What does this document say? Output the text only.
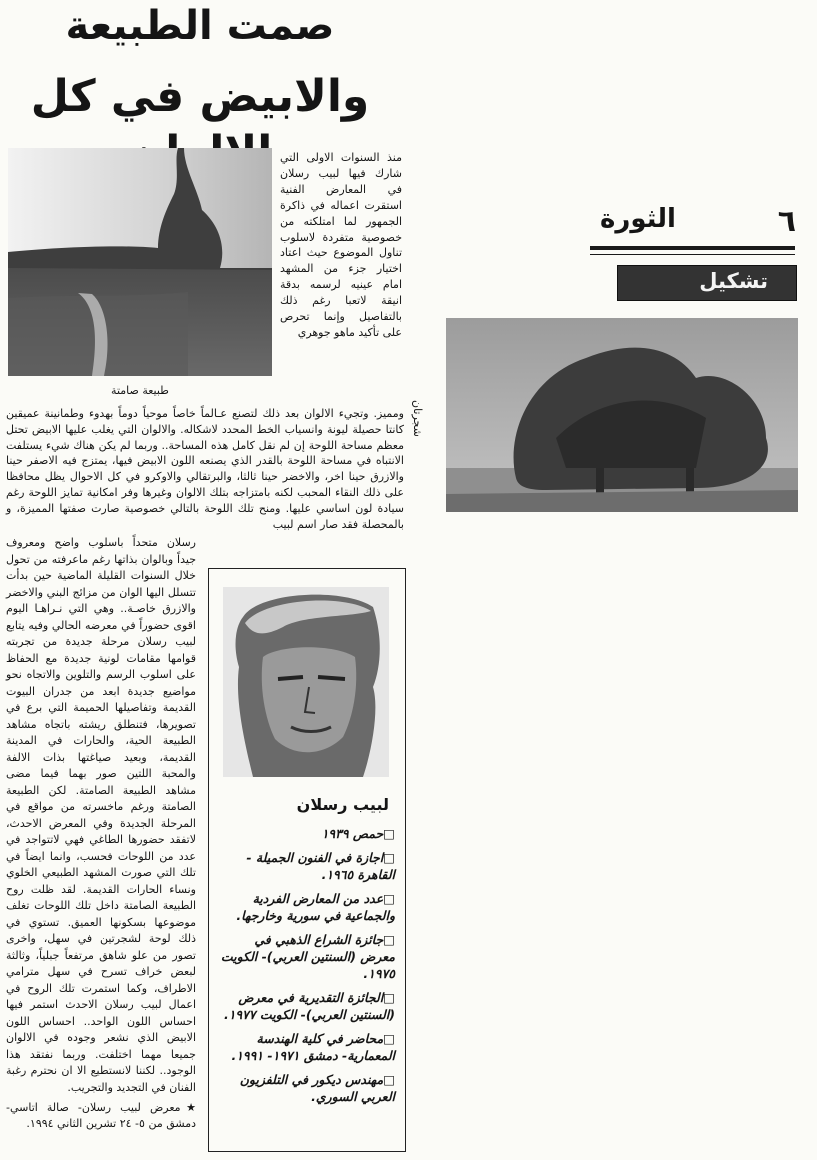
صمت الطبيعة
والابيض في كل
طبيعة صامتة
منذ السنوات الاولى التي شارك فيها لبيب رسلان في المعارض الفنية استقرت اعماله في ذاكرة الجمهور لما امتلكته من خصوصية متفردة لاسلوب تناول الموضوع حيث اعتاد اختيار جزء من المشهد امام عينيه لرسمه بدقة انيقة لاتعبا رغم ذلك بالتفاصيل وإنما تحرص على تأكيد ماهو جوهري
ومميز. وتجيء الالوان بعد ذلك لتصنع عـالماً خاصاً موحياً دوماً بهدوء وطمانينة عميقين كانتا حصيلة ليونة وانسياب الخط المحدد لاشكاله. والالوان التي يغلب عليها الابيض تحتل معظم مساحة اللوحة إن لم نقل كامل هذه المساحة.. وربما لم يكن هناك شيء يستلفت الانتباه في مساحة اللوحة بالقدر الذي يصنعه اللون الابيض فيها، يمتزج فيه الاصفر حينا والازرق حينا اخر، والاخضر حينا ثالثا، والبرتقالي والاوكرو في كل الاحوال يظل محافظا على ذلك النقاء المحبب لكنه بامتزاجه بتلك الالوان وغيرها وفر امكانية تمايز اللوحة رغم سيادة لون اساسي عليها. ومنح تلك اللوحة بالتالي خصوصية صارت صفتها المميزة، و بالمحصلة فقد صار اسم لبيب
رسلان متحداً باسلوب واضح ومعروف جيداً وبالوان بذاتها رغم ماعرفته من تحول خلال السنوات القليلة الماضية حين بدأت تتسلل اليها الوان من مزائج البني والاخضر والازرق خاصـة.. وهي التي نـراهـا اليوم اقوى حضوراً في معرضه الحالي وفيه يتابع لبيب رسلان مرحلة جديدة من تجربته قوامها مقامات لونية جديدة مع الحفاظ على اسلوب الرسم والتلوين والاتجاه نحو مواضيع جديدة ابعد من جدران البيوت القديمة وتفاصيلها الحميمة التي برع في تصويرها، فتنطلق ريشته باتجاه مشاهد الطبيعة الحية، والحارات في المدينة القديمة، وبعيد صياغتها بذات الالفة والمحبة اللتين صور بهما فيما مضى مشاهد الطبيعة الصامتة. لكن الطبيعة الصامتة ورغم ماخسرته من مواقع في المرحلة الجديدة وفي المعرض الاحدث، لاتفقد حضورها الطاغي فهي لاتتواجد في عدد من اللوحات فحسب، وانما ايضاً في تلك التي صورت المشهد الطبيعي الخلوي ونساء الحارات القديمة. لقد ظلت روح الطبيعة الصامتة داخل تلك اللوحات تغلف موضوعها بسكونها العميق. تستوي في ذلك لوحة لشجرتين في سهل، واخرى تصور من علو شاهق مرتفعاً جبلياً، وثالثة لبعض خراف تسرح في سهل مترامي الاطراف، وكما استمرت تلك الروح في اعمال لبيب رسلان الاحدث استمر فيها احساس اللون الواحد.. احساس اللون الابيض الذي نشعر وجوده في الالوان جميعا مهما اختلفت. وربما نفتقد هذا الوجود.. لكننا لانستطيع الا ان نحترم رغبة الفنان في التجديد والتجريب.
★معرض لبيب رسلان- صالة اتاسي- دمشق من ٥- ٢٤ تشرين الثاني ١٩٩٤.
لبيب رسلان
□حمص ١٩٣٩
□اجازة في الفنون الجميلة - القاهرة ١٩٦٥.
□عدد من المعارض الفردية والجماعية في سورية وخارجها.
□جائزة الشراع الذهبي في معرض (السنتين العربي)- الكويت ١٩٧٥.
□الجائزة التقديرية في معرض (السنتين العربي)- الكويت ١٩٧٧.
□محاضر في كلية الهندسة المعمارية- دمشق ١٩٧١- ١٩٩١.
□مهندس ديكور في التلفزيون العربي السوري.
٦
الثورة
تشكيل
شجرتان
